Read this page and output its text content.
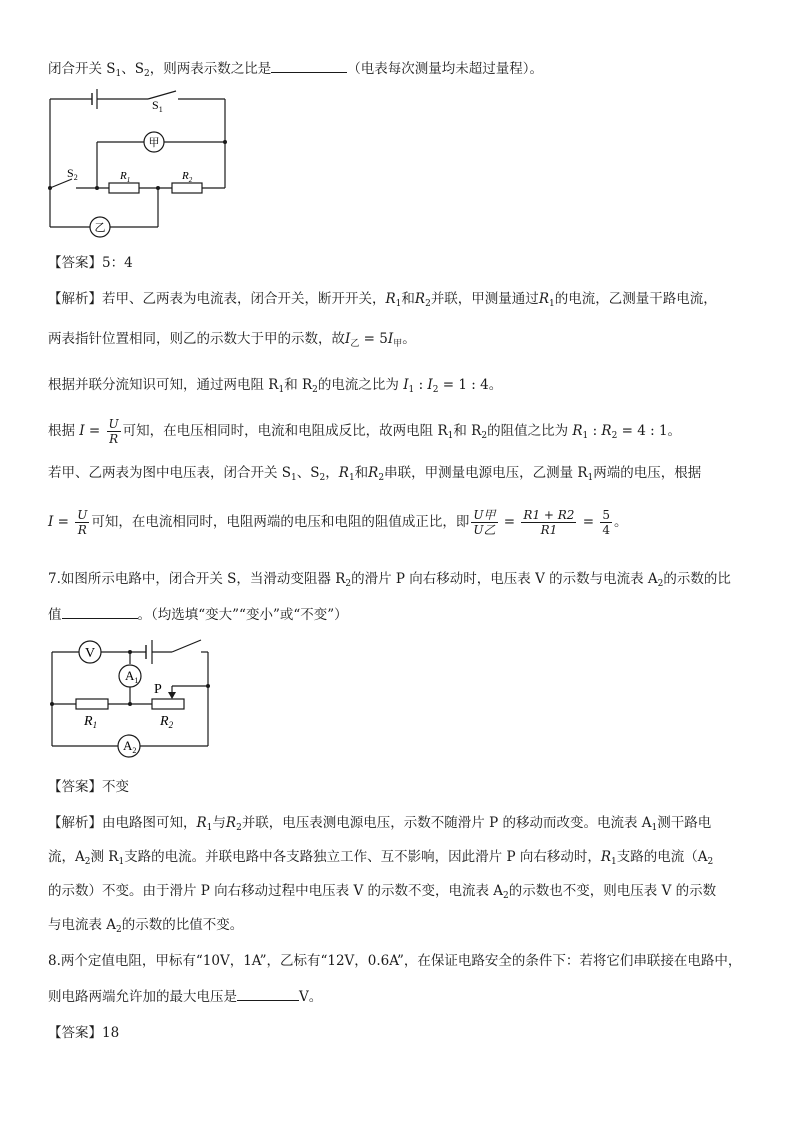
闭合开关 $S_1$、$S_2$，则两表示数之比是	（电表每次测量均未超过量程）。
$S_1$
$S_2$
甲
乙
$R_1$	$R_2$
【答案】5：4
【解析】若甲、乙两表为电流表，闭合开关，断开开关，$R_1$和$R_2$并联，甲测量通过$R_1$的电流，乙测量干路电流，
两表指针位置相同，则乙的示数大于甲的示数，故$I_乙 = 5I_甲$。
根据并联分流知识可知，通过两电阻 $R_1$和 $R_2$的电流之比为 $I_1$ : $I_2 = 1$ : 4。
根据 $I = \frac{U}{R}$ 可知，在电压相同时，电流和电阻成反比，故两电阻 $R_1$和 $R_2$的阻值之比为 $R_1$ : $R_2 = 4$ : 1。
若甲、乙两表为图中电压表，闭合开关 $S_1$、$S_2$，$R_1$和$R_2$串联，甲测量电源电压，乙测量 $R_1$两端的电压，根据
$I = \frac{U}{R}$ 可知，在电流相同时，电阻两端的电压和电阻的阻值成正比，即 $\frac{\text{U甲}}{\text{U乙}} = \frac{R1 + R2}{R1} = \frac{5}{4}$ 。
7.如图所示电路中，闭合开关 S，当滑动变阻器 $R_2$的滑片 P 向右移动时，电压表 V 的示数与电流表 $A_2$的示数的比
值	。（均选填“变大”“变小”或“不变”）
V
$A_1$
$A_2$
P
$R_1$	$R_2$
【答案】不变
【解析】由电路图可知，$R_1$与$R_2$并联，电压表测电源电压，示数不随滑片 P 的移动而改变。电流表 $A_1$测干路电
流，$A_2$测 $R_1$支路的电流。并联电路中各支路独立工作、互不影响，因此滑片 P 向右移动时，$R_1$支路的电流（$A_2$
的示数）不变。由于滑片 P 向右移动过程中电压表 V 的示数不变，电流表 $A_2$的示数也不变，则电压表 V 的示数
与电流表 $A_2$的示数的比值不变。
8.两个定值电阻，甲标有“10V，1A”，乙标有“12V，0.6A”，在保证电路安全的条件下：若将它们串联接在电路中，
则电路两端允许加的最大电压是	V。
【答案】18
